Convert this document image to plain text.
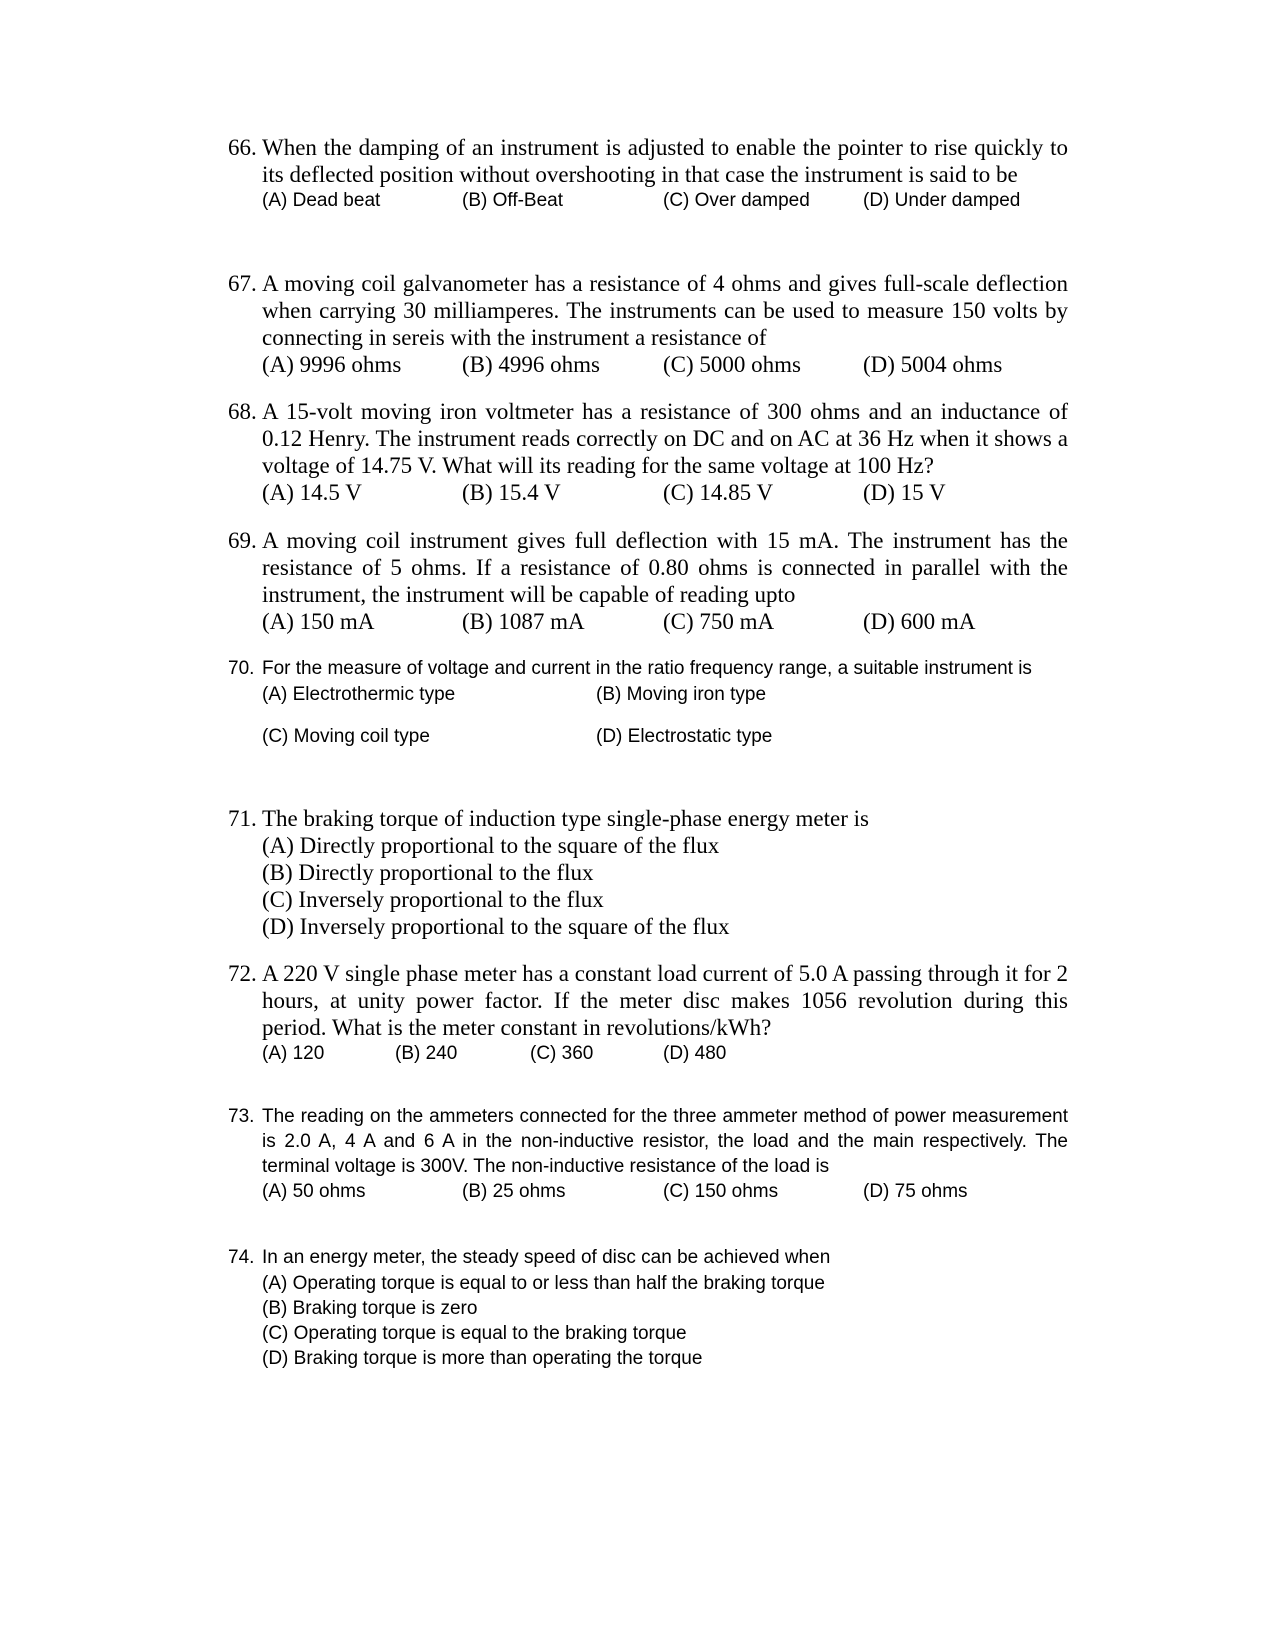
66. When the damping of an instrument is adjusted to enable the pointer to rise quickly to its deflected position without overshooting in that case the instrument is said to be
(A) Dead beat	(B) Off-Beat	(C) Over damped	(D) Under damped
67. A moving coil galvanometer has a resistance of 4 ohms and gives full-scale deflection when carrying 30 milliamperes. The instruments can be used to measure 150 volts by connecting in sereis with the instrument a resistance of
(A) 9996 ohms	(B) 4996 ohms	(C) 5000 ohms	(D) 5004 ohms
68. A 15-volt moving iron voltmeter has a resistance of 300 ohms and an inductance of 0.12 Henry. The instrument reads correctly on DC and on AC at 36 Hz when it shows a voltage of 14.75 V. What will its reading for the same voltage at 100 Hz?
(A) 14.5 V	(B) 15.4 V	(C) 14.85 V	(D) 15 V
69. A moving coil instrument gives full deflection with 15 mA. The instrument has the resistance of 5 ohms. If a resistance of 0.80 ohms is connected in parallel with the instrument, the instrument will be capable of reading upto
(A) 150 mA	(B) 1087 mA	(C) 750 mA	(D) 600 mA
70. For the measure of voltage and current in the ratio frequency range, a suitable instrument is
(A) Electrothermic type	(B) Moving iron type
(C) Moving coil type	(D) Electrostatic type
71. The braking torque of induction type single-phase energy meter is
(A) Directly proportional to the square of the flux
(B) Directly proportional to the flux
(C) Inversely proportional to the flux
(D) Inversely proportional to the square of the flux
72. A 220 V single phase meter has a constant load current of 5.0 A passing through it for 2 hours, at unity power factor. If the meter disc makes 1056 revolution during this period. What is the meter constant in revolutions/kWh?
(A) 120	(B) 240	(C) 360	(D) 480
73. The reading on the ammeters connected for the three ammeter method of power measurement is 2.0 A, 4 A and 6 A in the non-inductive resistor, the load and the main respectively. The terminal voltage is 300V. The non-inductive resistance of the load is
(A) 50 ohms	(B) 25 ohms	(C) 150 ohms	(D) 75 ohms
74. In an energy meter, the steady speed of disc can be achieved when
(A) Operating torque is equal to or less than half the braking torque
(B) Braking torque is zero
(C) Operating torque is equal to the braking torque
(D) Braking torque is more than operating the torque
